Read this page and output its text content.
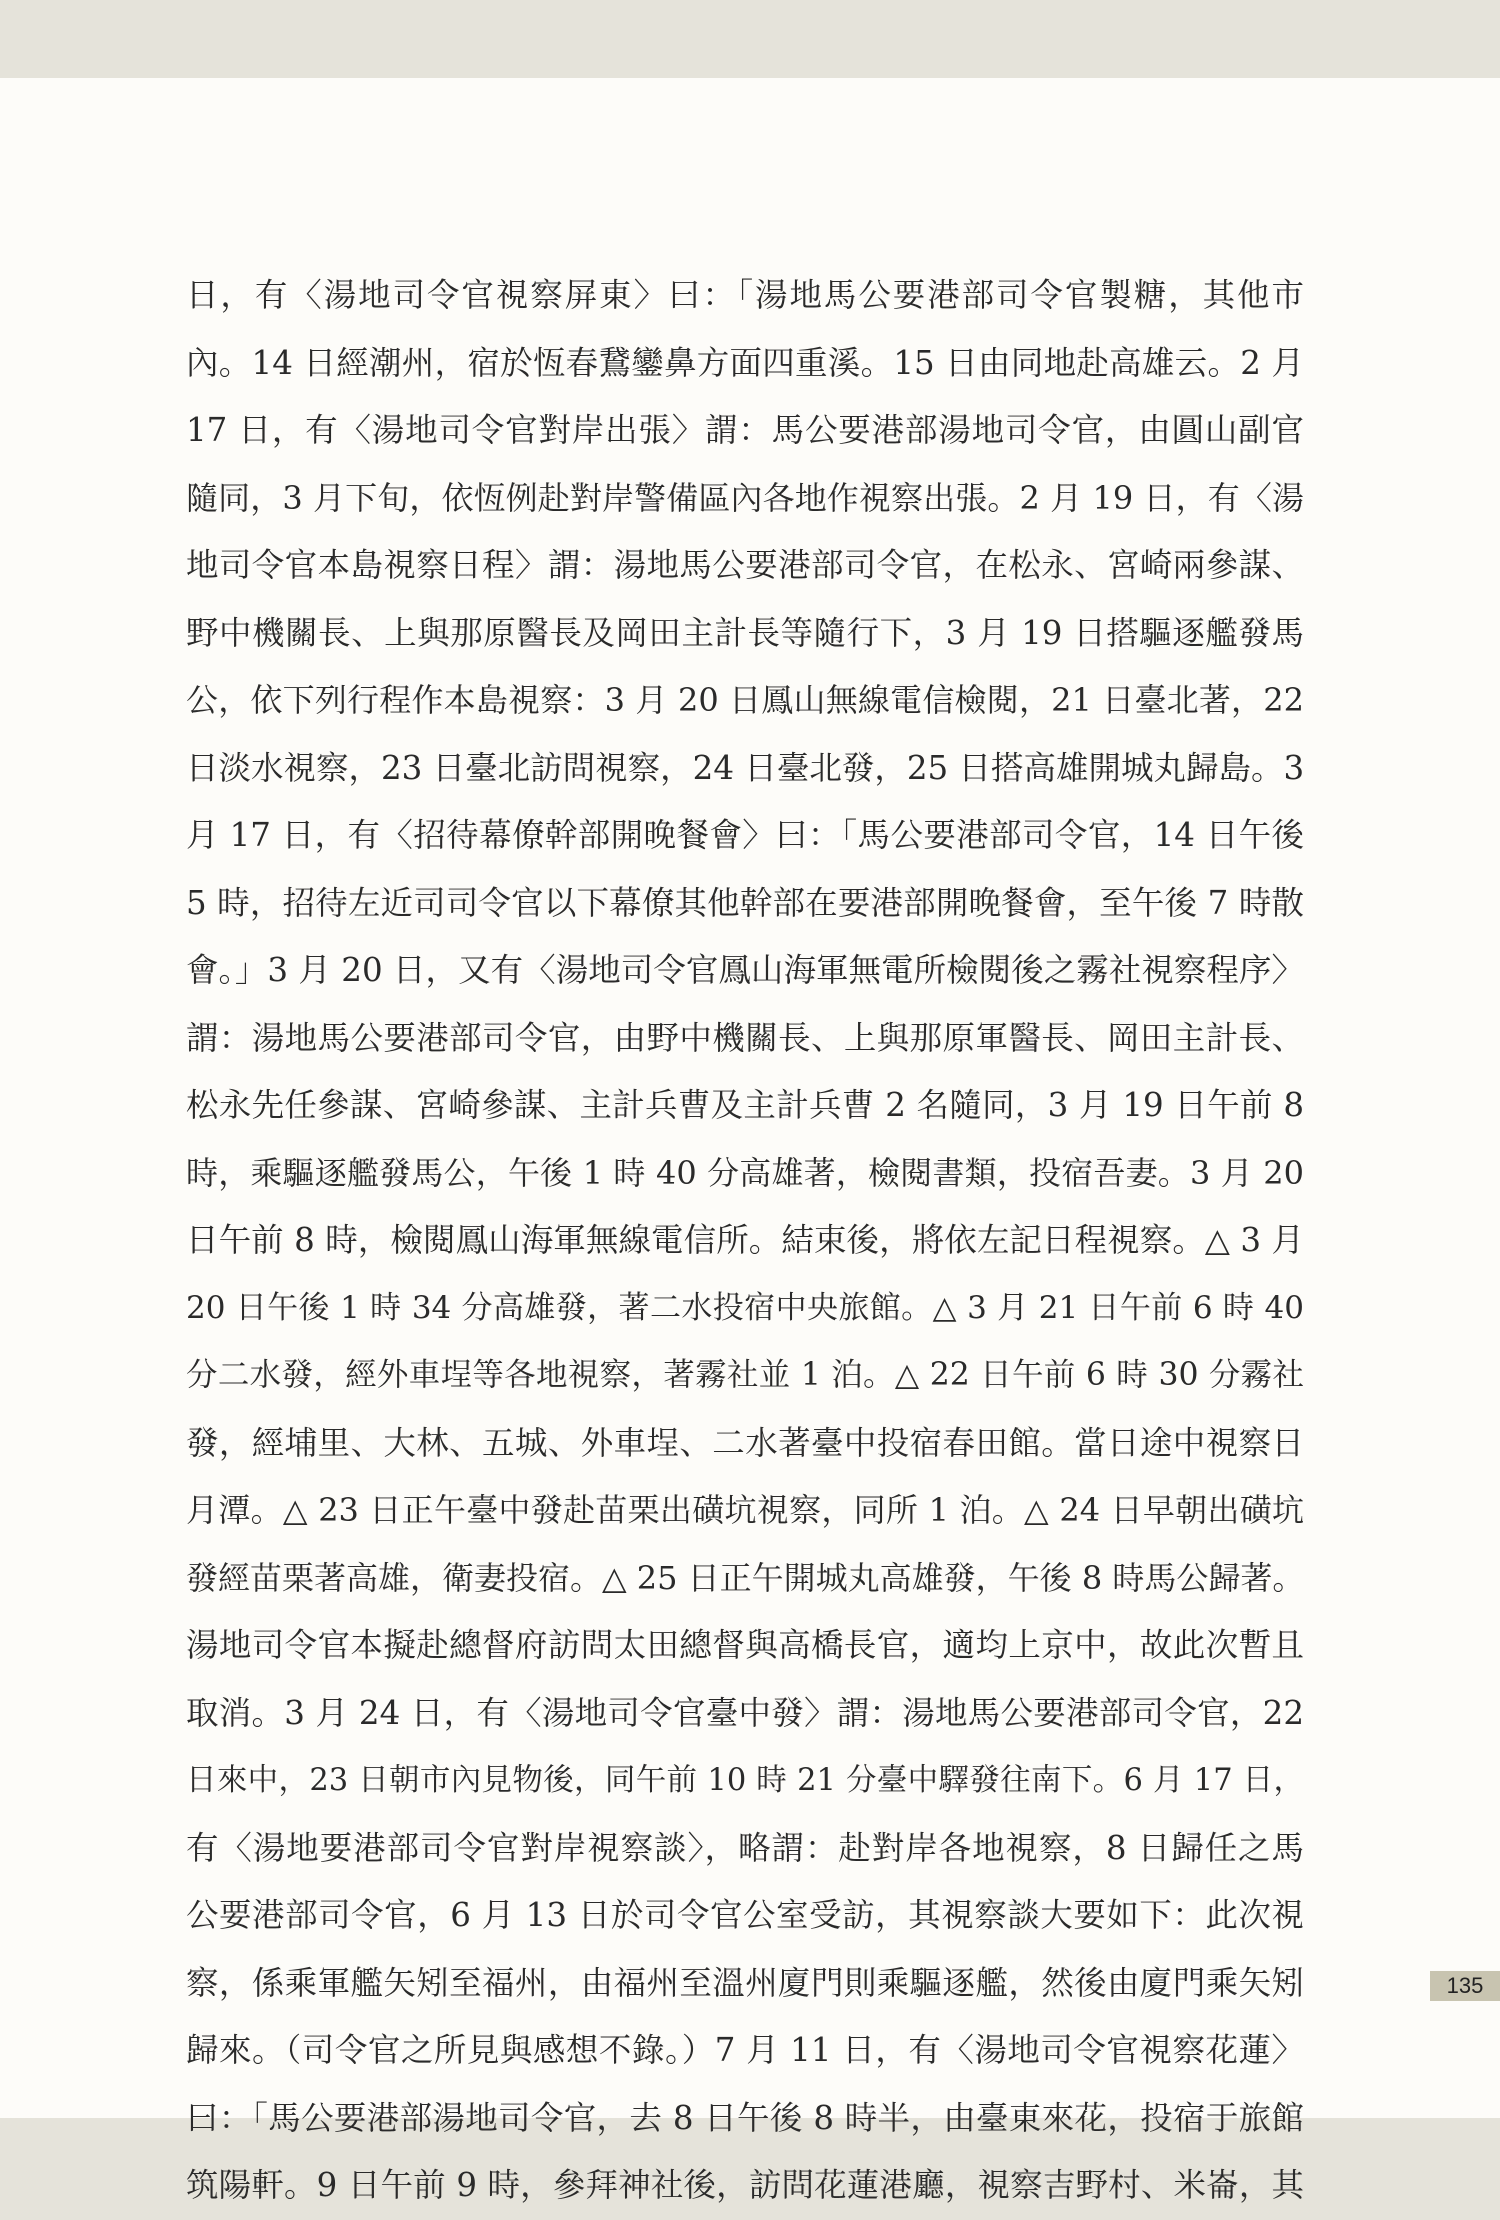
日，有〈湯地司令官視察屏東〉曰：「湯地馬公要港部司令官製糖，其他市
內。14 日經潮州，宿於恆春鵞鑾鼻方面四重溪。15 日由同地赴高雄云。2 月
17 日，有〈湯地司令官對岸出張〉謂：馬公要港部湯地司令官，由圓山副官
隨同，3 月下旬，依恆例赴對岸警備區內各地作視察出張。2 月 19 日，有〈湯
地司令官本島視察日程〉謂：湯地馬公要港部司令官，在松永、宮崎兩參謀、
野中機關長、上與那原醫長及岡田主計長等隨行下，3 月 19 日搭驅逐艦發馬
公，依下列行程作本島視察：3 月 20 日鳳山無線電信檢閱，21 日臺北著，22
日淡水視察，23 日臺北訪問視察，24 日臺北發，25 日搭高雄開城丸歸島。3
月 17 日，有〈招待幕僚幹部開晚餐會〉曰：「馬公要港部司令官，14 日午後
5 時，招待左近司司令官以下幕僚其他幹部在要港部開晚餐會，至午後 7 時散
會。」3 月 20 日，又有〈湯地司令官鳳山海軍無電所檢閱後之霧社視察程序〉
謂：湯地馬公要港部司令官，由野中機關長、上與那原軍醫長、岡田主計長、
松永先任參謀、宮崎參謀、主計兵曹及主計兵曹 2 名隨同，3 月 19 日午前 8
時，乘驅逐艦發馬公，午後 1 時 40 分高雄著，檢閱書類，投宿吾妻。3 月 20
日午前 8 時，檢閱鳳山海軍無線電信所。結束後，將依左記日程視察。△ 3 月
20 日午後 1 時 34 分高雄發，著二水投宿中央旅館。△ 3 月 21 日午前 6 時 40
分二水發，經外車埕等各地視察，著霧社並 1 泊。△ 22 日午前 6 時 30 分霧社
發，經埔里、大林、五城、外車埕、二水著臺中投宿春田館。當日途中視察日
月潭。△ 23 日正午臺中發赴苗栗出磺坑視察，同所 1 泊。△ 24 日早朝出磺坑
發經苗栗著高雄，衛妻投宿。△ 25 日正午開城丸高雄發，午後 8 時馬公歸著。
湯地司令官本擬赴總督府訪問太田總督與高橋長官，適均上京中，故此次暫且
取消。3 月 24 日，有〈湯地司令官臺中發〉謂：湯地馬公要港部司令官，22
日來中，23 日朝市內見物後，同午前 10 時 21 分臺中驛發往南下。6 月 17 日，
有〈湯地要港部司令官對岸視察談〉，略謂：赴對岸各地視察，8 日歸任之馬
公要港部司令官，6 月 13 日於司令官公室受訪，其視察談大要如下：此次視
察，係乘軍艦矢矧至福州，由福州至溫州廈門則乘驅逐艦，然後由廈門乘矢矧
歸來。（司令官之所見與感想不錄。）7 月 11 日，有〈湯地司令官視察花蓮〉
曰：「馬公要港部湯地司令官，去 8 日午後 8 時半，由臺東來花，投宿于旅館
筑陽軒。9 日午前 9 時，參拜神社後，訪問花蓮港廳，視察吉野村、米崙，其
135
